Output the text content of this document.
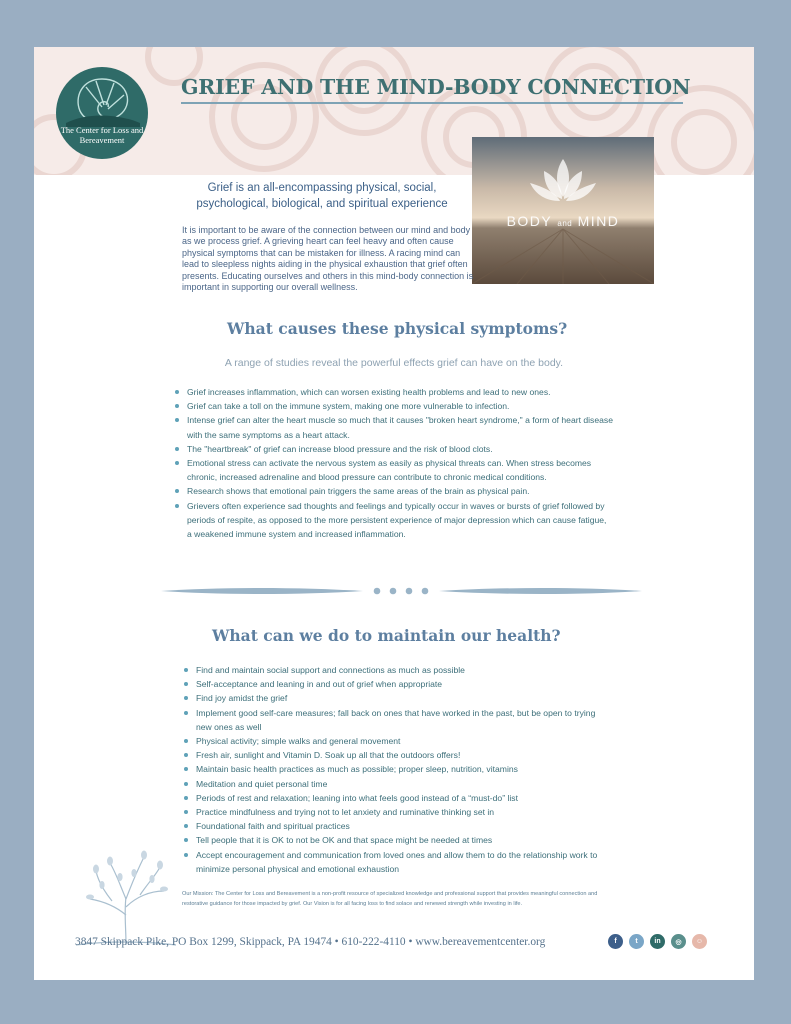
The Center for Loss and Bereavement
GRIEF AND THE MIND-BODY CONNECTION
BODY and MIND
Grief is an all-encompassing physical, social, psychological, biological, and spiritual experience
It is important to be aware of the connection between our mind and body as we process grief. A grieving heart can feel heavy and often cause physical symptoms that can be mistaken for illness. A racing mind can lead to sleepless nights aiding in the physical exhaustion that grief often presents. Educating ourselves and others in this mind-body connection is important in supporting our overall wellness.
What causes these physical symptoms?
A range of studies reveal the powerful effects grief can have on the body.
Grief increases inflammation, which can worsen existing health problems and lead to new ones.
Grief can take a toll on the immune system, making one more vulnerable to infection.
Intense grief can alter the heart muscle so much that it causes "broken heart syndrome," a form of heart disease with the same symptoms as a heart attack.
The "heartbreak" of grief can increase blood pressure and the risk of blood clots.
Emotional stress can activate the nervous system as easily as physical threats can. When stress becomes chronic, increased adrenaline and blood pressure can contribute to chronic medical conditions.
Research shows that emotional pain triggers the same areas of the brain as physical pain.
Grievers often experience sad thoughts and feelings and typically occur in waves or bursts of grief followed by periods of respite, as opposed to the more persistent experience of major depression which can cause fatigue, a weakened immune system and increased inflammation.
What can we do to maintain our health?
Find and maintain social support and connections as much as possible
Self-acceptance and leaning in and out of grief when appropriate
Find joy amidst the grief
Implement good self-care measures; fall back on ones that have worked in the past, but be open to trying new ones as well
Physical activity; simple walks and general movement
Fresh air, sunlight and Vitamin D. Soak up all that the outdoors offers!
Maintain basic health practices as much as possible; proper sleep, nutrition, vitamins
Meditation and quiet personal time
Periods of rest and relaxation; leaning into what feels good instead of a “must-do” list
Practice mindfulness and trying not to let anxiety and ruminative thinking set in
Foundational faith and spiritual practices
Tell people that it is OK to not be OK and that space might be needed at times
Accept encouragement and communication from loved ones and allow them to do the relationship work to minimize personal physical and emotional exhaustion
Our Mission: The Center for Loss and Bereavement is a non-profit resource of specialized knowledge and professional support that provides meaningful connection and restorative guidance for those impacted by grief. Our Vision is for all facing loss to find solace and renewed strength while investing in life.
3847 Skippack Pike, PO Box 1299, Skippack, PA 19474 • 610-222-4110 • www.bereavementcenter.org	f	t	in	◎	☺
